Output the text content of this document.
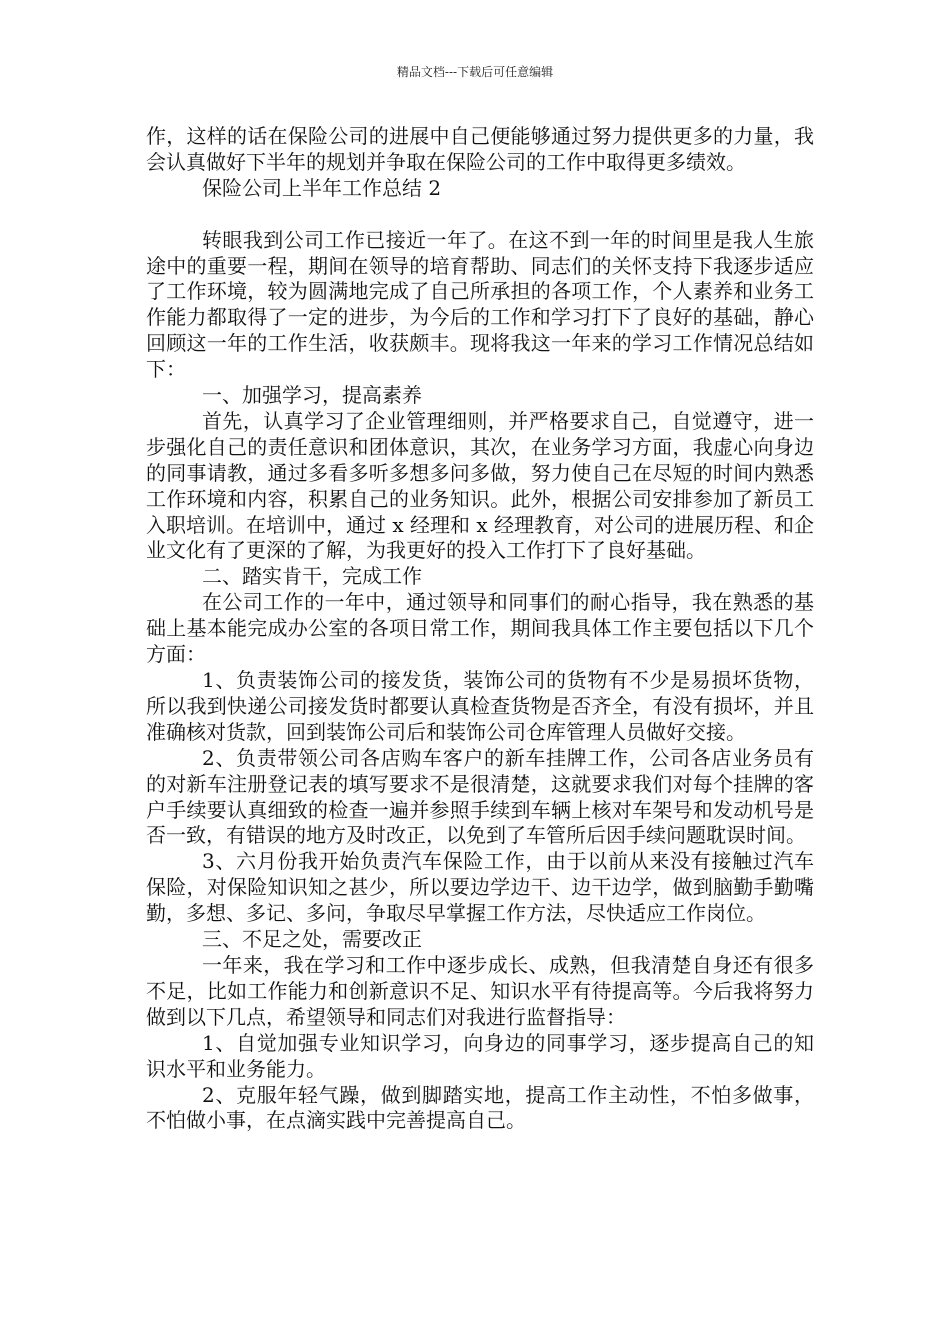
精品文档---下载后可任意编辑

作，这样的话在保险公司的进展中自己便能够通过努力提供更多的力量，我会认真做好下半年的规划并争取在保险公司的工作中取得更多绩效。

保险公司上半年工作总结 2

转眼我到公司工作已接近一年了。在这不到一年的时间里是我人生旅途中的重要一程，期间在领导的培育帮助、同志们的关怀支持下我逐步适应了工作环境，较为圆满地完成了自己所承担的各项工作，个人素养和业务工作能力都取得了一定的进步，为今后的工作和学习打下了良好的基础，静心回顾这一年的工作生活，收获颇丰。现将我这一年来的学习工作情况总结如下：

一、加强学习，提高素养

首先，认真学习了企业管理细则，并严格要求自己，自觉遵守，进一步强化自己的责任意识和团体意识，其次，在业务学习方面，我虚心向身边的同事请教，通过多看多听多想多问多做，努力使自己在尽短的时间内熟悉工作环境和内容，积累自己的业务知识。此外，根据公司安排参加了新员工入职培训。在培训中，通过 x 经理和 x 经理教育，对公司的进展历程、和企业文化有了更深的了解，为我更好的投入工作打下了良好基础。

二、踏实肯干，完成工作

在公司工作的一年中，通过领导和同事们的耐心指导，我在熟悉的基础上基本能完成办公室的各项日常工作，期间我具体工作主要包括以下几个方面：

1、负责装饰公司的接发货，装饰公司的货物有不少是易损坏货物，所以我到快递公司接发货时都要认真检查货物是否齐全，有没有损坏，并且准确核对货款，回到装饰公司后和装饰公司仓库管理人员做好交接。

2、负责带领公司各店购车客户的新车挂牌工作，公司各店业务员有的对新车注册登记表的填写要求不是很清楚，这就要求我们对每个挂牌的客户手续要认真细致的检查一遍并参照手续到车辆上核对车架号和发动机号是否一致，有错误的地方及时改正，以免到了车管所后因手续问题耽误时间。

3、六月份我开始负责汽车保险工作，由于以前从来没有接触过汽车保险，对保险知识知之甚少，所以要边学边干、边干边学，做到脑勤手勤嘴勤，多想、多记、多问，争取尽早掌握工作方法，尽快适应工作岗位。

三、不足之处，需要改正

一年来，我在学习和工作中逐步成长、成熟，但我清楚自身还有很多不足，比如工作能力和创新意识不足、知识水平有待提高等。今后我将努力做到以下几点，希望领导和同志们对我进行监督指导：

1、自觉加强专业知识学习，向身边的同事学习，逐步提高自己的知识水平和业务能力。

2、克服年轻气躁，做到脚踏实地，提高工作主动性，不怕多做事，不怕做小事，在点滴实践中完善提高自己。
